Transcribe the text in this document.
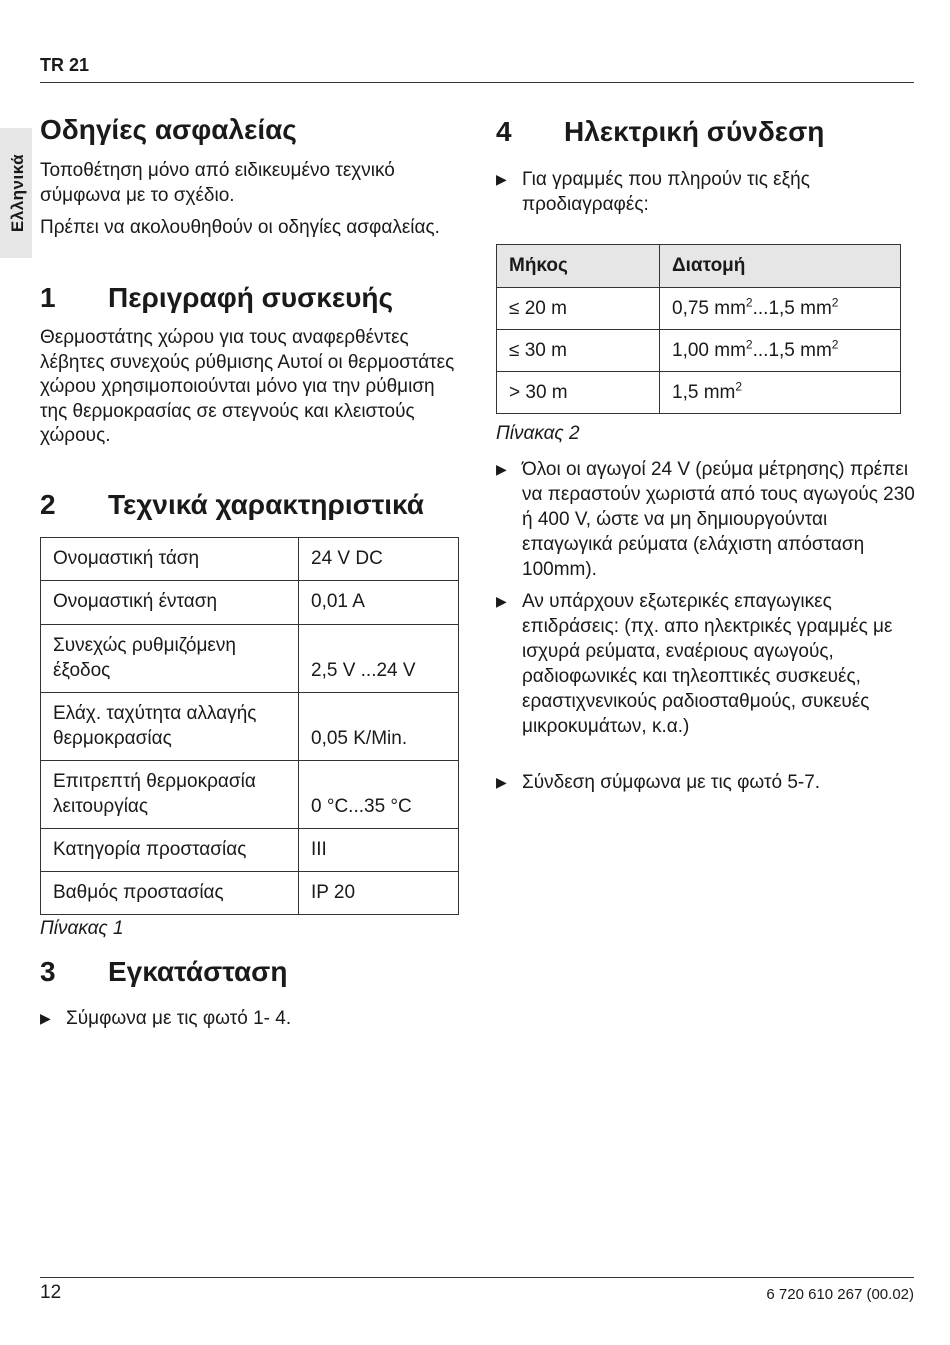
TR 21
Ελληνικά
Οδηγίες ασφαλείας
Τοποθέτηση μόνο από ειδικευμένο τεχνικό σύμφωνα με το σχέδιο.
Πρέπει να ακολουθηθούν οι οδηγίες ασφαλείας.
1 Περιγραφή συσκευής
Θερμοστάτης χώρου για τους αναφερθέντες λέβητες συνεχούς ρύθμισης Αυτοί οι θερμοστάτες χώρου χρησιμοποιούνται μόνο για την ρύθμιση της θερμοκρασίας σε στεγνούς και κλειστούς χώρους.
2 Τεχνικά χαρακτηριστικά
Ονομαστική τάση	24 V DC
Ονομαστική ένταση	0,01 A
Συνεχώς ρυθμιζόμενη έξοδος	2,5 V ...24 V
Ελάχ. ταχύτητα αλλαγής θερμοκρασίας	0,05 K/Min.
Επιτρεπτή θερμοκρασία λειτουργίας	0 °C...35 °C
Κατηγορία προστασίας	III
Βαθμός προστασίας	IP 20
Πίνακας 1
3 Εγκατάσταση
▶ Σύμφωνα με τις φωτό 1- 4.
4 Ηλεκτρική σύνδεση
▶ Για γραμμές που πληρούν τις εξής προδιαγραφές:
Μήκος	Διατομή
≤ 20 m	0,75 $mm^2...1,5$ $mm^2$
≤ 30 m	1,00 $mm^2...1,5$ $mm^2$
> 30 m	1,5 $mm^2$
Πίνακας 2
▶ Όλοι οι αγωγοί 24 V (ρεύμα μέτρησης) πρέπει να περαστούν χωριστά από τους αγωγούς 230 ή 400 V, ώστε να μη δημιουργούνται επαγωγικά ρεύματα (ελάχιστη απόσταση 100mm).
▶ Αν υπάρχουν εξωτερικές επαγωγικες επιδράσεις: (πχ. απο ηλεκτρικές γραμμές με ισχυρά ρεύματα, εναέριους αγωγούς, ραδιοφωνικές και τηλεοπτικές συσκευές, εραστιχνενικούς ραδιοσταθμούς, συκευές μικροκυμάτων, κ.α.)
▶ Σύνδεση σύμφωνα με τις φωτό 5-7.
12	6 720 610 267 (00.02)
